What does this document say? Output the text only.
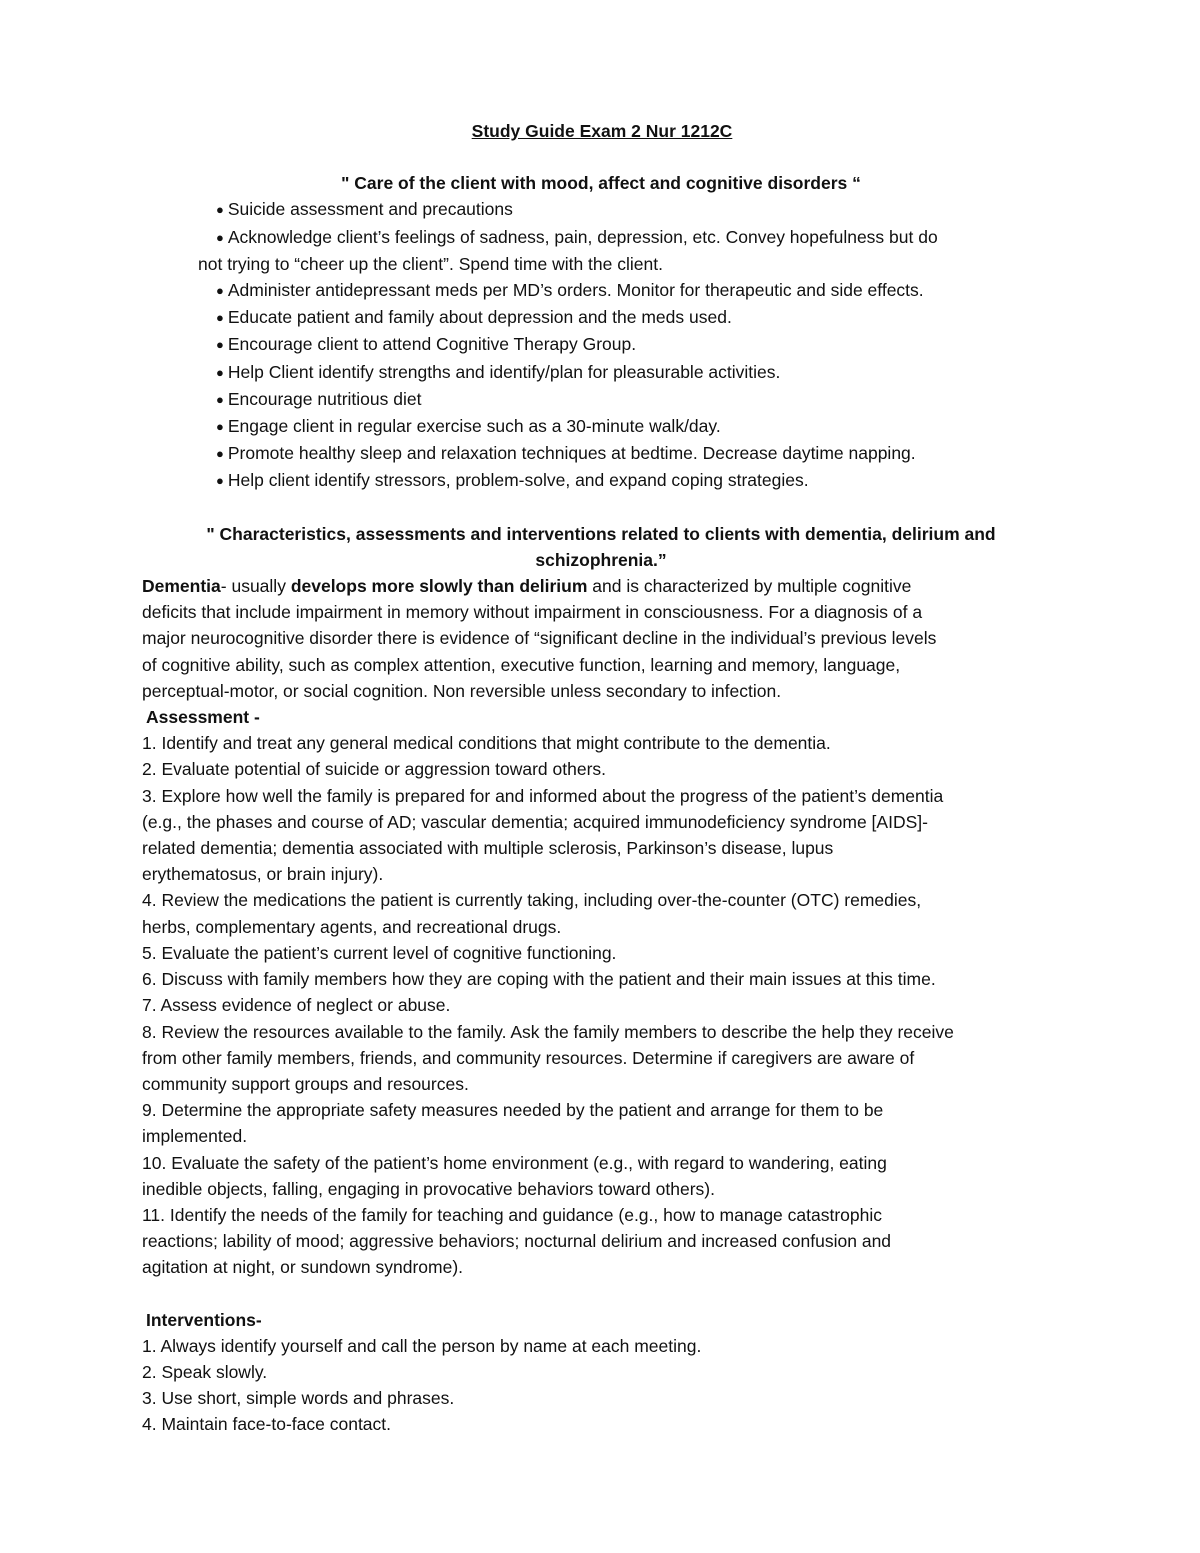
Study Guide Exam 2 Nur 1212C
" Care of the client with mood, affect and cognitive disorders “
● Suicide assessment and precautions
● Acknowledge client’s feelings of sadness, pain, depression, etc. Convey hopefulness but do
not trying to “cheer up the client”. Spend time with the client.
● Administer antidepressant meds per MD’s orders. Monitor for therapeutic and side effects.
● Educate patient and family about depression and the meds used.
● Encourage client to attend Cognitive Therapy Group.
● Help Client identify strengths and identify/plan for pleasurable activities.
● Encourage nutritious diet
● Engage client in regular exercise such as a 30-minute walk/day.
● Promote healthy sleep and relaxation techniques at bedtime. Decrease daytime napping.
● Help client identify stressors, problem-solve, and expand coping strategies.
" Characteristics, assessments and interventions related to clients with dementia, delirium and
schizophrenia.”
Dementia- usually develops more slowly than delirium and is characterized by multiple cognitive
deficits that include impairment in memory without impairment in consciousness. For a diagnosis of a
major neurocognitive disorder there is evidence of “significant decline in the individual’s previous levels
of cognitive ability, such as complex attention, executive function, learning and memory, language,
perceptual-motor, or social cognition. Non reversible unless secondary to infection.
Assessment -
1. Identify and treat any general medical conditions that might contribute to the dementia.
2. Evaluate potential of suicide or aggression toward others.
3. Explore how well the family is prepared for and informed about the progress of the patient’s dementia
(e.g., the phases and course of AD; vascular dementia; acquired immunodeficiency syndrome [AIDS]-
related dementia; dementia associated with multiple sclerosis, Parkinson’s disease, lupus
erythematosus, or brain injury).
4. Review the medications the patient is currently taking, including over-the-counter (OTC) remedies,
herbs, complementary agents, and recreational drugs.
5. Evaluate the patient’s current level of cognitive functioning.
6. Discuss with family members how they are coping with the patient and their main issues at this time.
7. Assess evidence of neglect or abuse.
8. Review the resources available to the family. Ask the family members to describe the help they receive
from other family members, friends, and community resources. Determine if caregivers are aware of
community support groups and resources.
9. Determine the appropriate safety measures needed by the patient and arrange for them to be
implemented.
10. Evaluate the safety of the patient’s home environment (e.g., with regard to wandering, eating
inedible objects, falling, engaging in provocative behaviors toward others).
11. Identify the needs of the family for teaching and guidance (e.g., how to manage catastrophic
reactions; lability of mood; aggressive behaviors; nocturnal delirium and increased confusion and
agitation at night, or sundown syndrome).
Interventions-
1. Always identify yourself and call the person by name at each meeting.
2. Speak slowly.
3. Use short, simple words and phrases.
4. Maintain face-to-face contact.
